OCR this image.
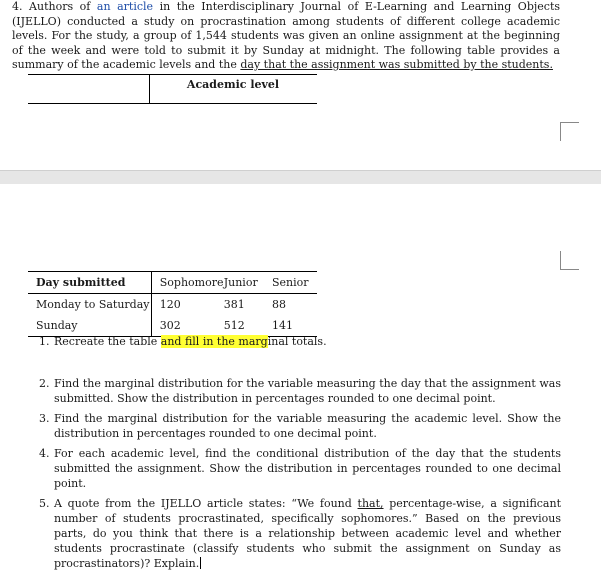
4. Authors of an article in the Interdisciplinary Journal of E-Learning and Learning Objects (IJELLO) conducted a study on procrastination among students of different college academic levels. For the study, a group of 1,544 students was given an online assignment at the beginning of the week and were told to submit it by Sunday at midnight. The following table provides a summary of the academic levels and the day that the assignment was submitted by the students.

Academic level
Day submitted	Sophomore	Junior	Senior
Monday to Saturday	120	381	88
Sunday	302	512	141
1. Recreate the table and fill in the marginal totals.
2. Find the marginal distribution for the variable measuring the day that the assignment was submitted. Show the distribution in percentages rounded to one decimal point.
3. Find the marginal distribution for the variable measuring the academic level. Show the distribution in percentages rounded to one decimal point.
4. For each academic level, find the conditional distribution of the day that the students submitted the assignment. Show the distribution in percentages rounded to one decimal point.
5. A quote from the IJELLO article states: “We found that, percentage-wise, a significant number of students procrastinated, specifically sophomores.” Based on the previous parts, do you think that there is a relationship between academic level and whether students procrastinate (classify students who submit the assignment on Sunday as procrastinators)? Explain.
